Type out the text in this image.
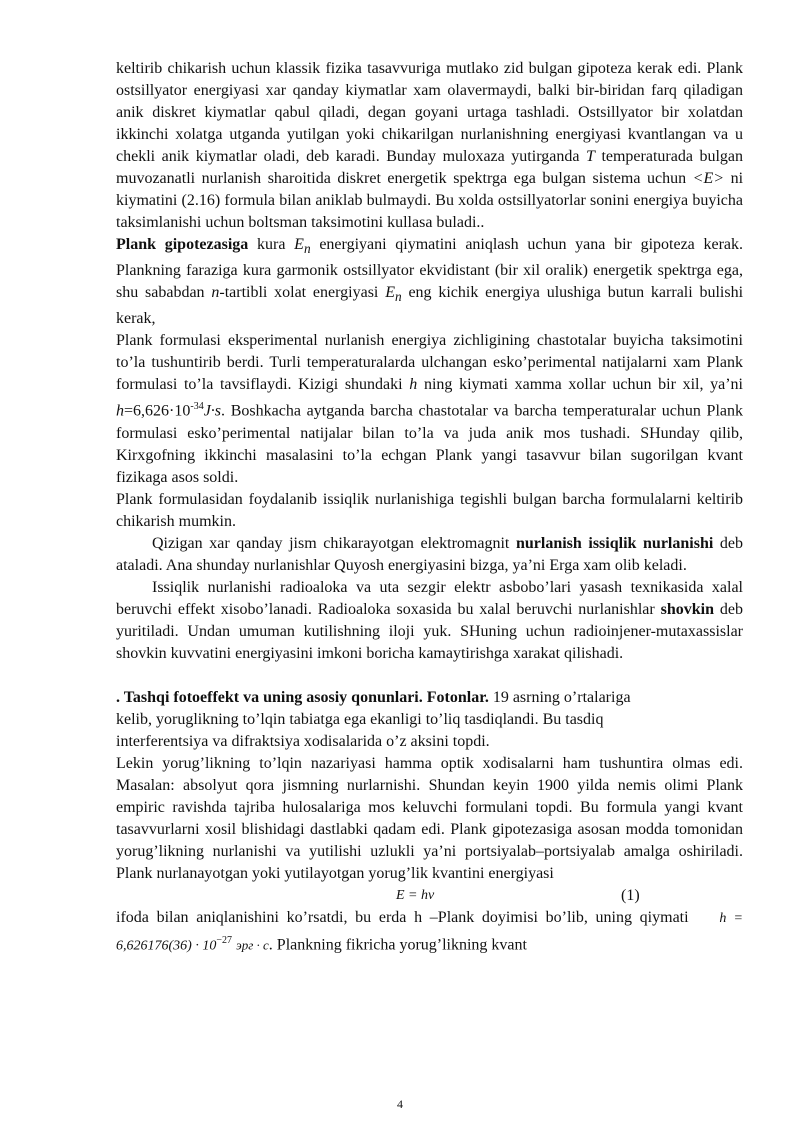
keltirib chikarish uchun klassik fizika tasavvuriga mutlako zid bulgan gipoteza kerak edi. Plank ostsillyator energiyasi xar qanday kiymatlar xam olavermaydi, balki bir-biridan farq qiladigan anik diskret kiymatlar qabul qiladi, degan goyani urtaga tashladi. Ostsillyator bir xolatdan ikkinchi xolatga utganda yutilgan yoki chikarilgan nurlanishning energiyasi kvantlangan va u chekli anik kiymatlar oladi, deb karadi. Bunday muloxaza yutirganda T temperaturada bulgan muvozanatli nurlanish sharoitida diskret energetik spektrga ega bulgan sistema uchun <E> ni kiymatini (2.16) formula bilan aniklab bulmaydi. Bu xolda ostsillyatorlar sonini energiya buyicha taksimlanishi uchun boltsman taksimotini kullasa buladi..

Plank gipotezasiga kura $E_n$ energiyani qiymatini aniqlash uchun yana bir gipoteza kerak. Plankning faraziga kura garmonik ostsillyator ekvidistant (bir xil oralik) energetik spektrga ega, shu sababdan n-tartibli xolat energiyasi $E_n$ eng kichik energiya ulushiga butun karrali bulishi kerak,

Plank formulasi eksperimental nurlanish energiya zichligining chastotalar buyicha taksimotini to’la tushuntirib berdi. Turli temperaturalarda ulchangan esko’perimental natijalarni xam Plank formulasi to’la tavsiflaydi. Kizigi shundaki h ning kiymati xamma xollar uchun bir xil, ya’ni $h=6,626\cdot 10^{-34}J\cdot s$. Boshkacha aytganda barcha chastotalar va barcha temperaturalar uchun Plank formulasi esko’perimental natijalar bilan to’la va juda anik mos tushadi. SHunday qilib, Kirxgofning ikkinchi masalasini to’la echgan Plank yangi tasavvur bilan sugorilgan kvant fizikaga asos soldi.

Plank formulasidan foydalanib issiqlik nurlanishiga tegishli bulgan barcha formulalarni keltirib chikarish mumkin.

Qizigan xar qanday jism chikarayotgan elektromagnit nurlanish issiqlik nurlanishi deb ataladi. Ana shunday nurlanishlar Quyosh energiyasini bizga, ya’ni Erga xam olib keladi.

Issiqlik nurlanishi radioaloka va uta sezgir elektr asbobo’lari yasash texnikasida xalal beruvchi effekt xisobo’lanadi. Radioaloka soxasida bu xalal beruvchi nurlanishlar shovkin deb yuritiladi. Undan umuman kutilishning iloji yuk. SHuning uchun radioinjener-mutaxassislar shovkin kuvvatini energiyasini imkoni boricha kamaytirishga xarakat qilishadi.

. Tashqi fotoeffekt va uning asosiy qonunlari. Fotonlar. 19 asrning o’rtalariga
kelib, yoruglikning to’lqin tabiatga ega ekanligi to’liq tasdiqlandi. Bu tasdiq
interferentsiya va difraktsiya xodisalarida o’z aksini topdi.

Lekin yorug’likning to’lqin nazariyasi hamma optik xodisalarni ham tushuntira olmas edi. Masalan: absolyut qora jismning nurlarnishi. Shundan keyin 1900 yilda nemis olimi Plank empiric ravishda tajriba hulosalariga mos keluvchi formulani topdi. Bu formula yangi kvant tasavvurlarni xosil blishidagi dastlabki qadam edi. Plank gipotezasiga asosan modda tomonidan yorug’likning nurlanishi va yutilishi uzlukli ya’ni portsiyalab–portsiyalab amalga oshiriladi. Plank nurlanayotgan yoki yutilayotgan yorug’lik kvantini energiyasi

E = hν	(1)

ifoda bilan aniqlanishini ko’rsatdi, bu erda h –Plank doyimisi bo’lib, uning qiymati $h = 6,626176(36) \cdot 10^{-27}$ эрг · с. Plankning fikricha yorug’likning kvant

4
